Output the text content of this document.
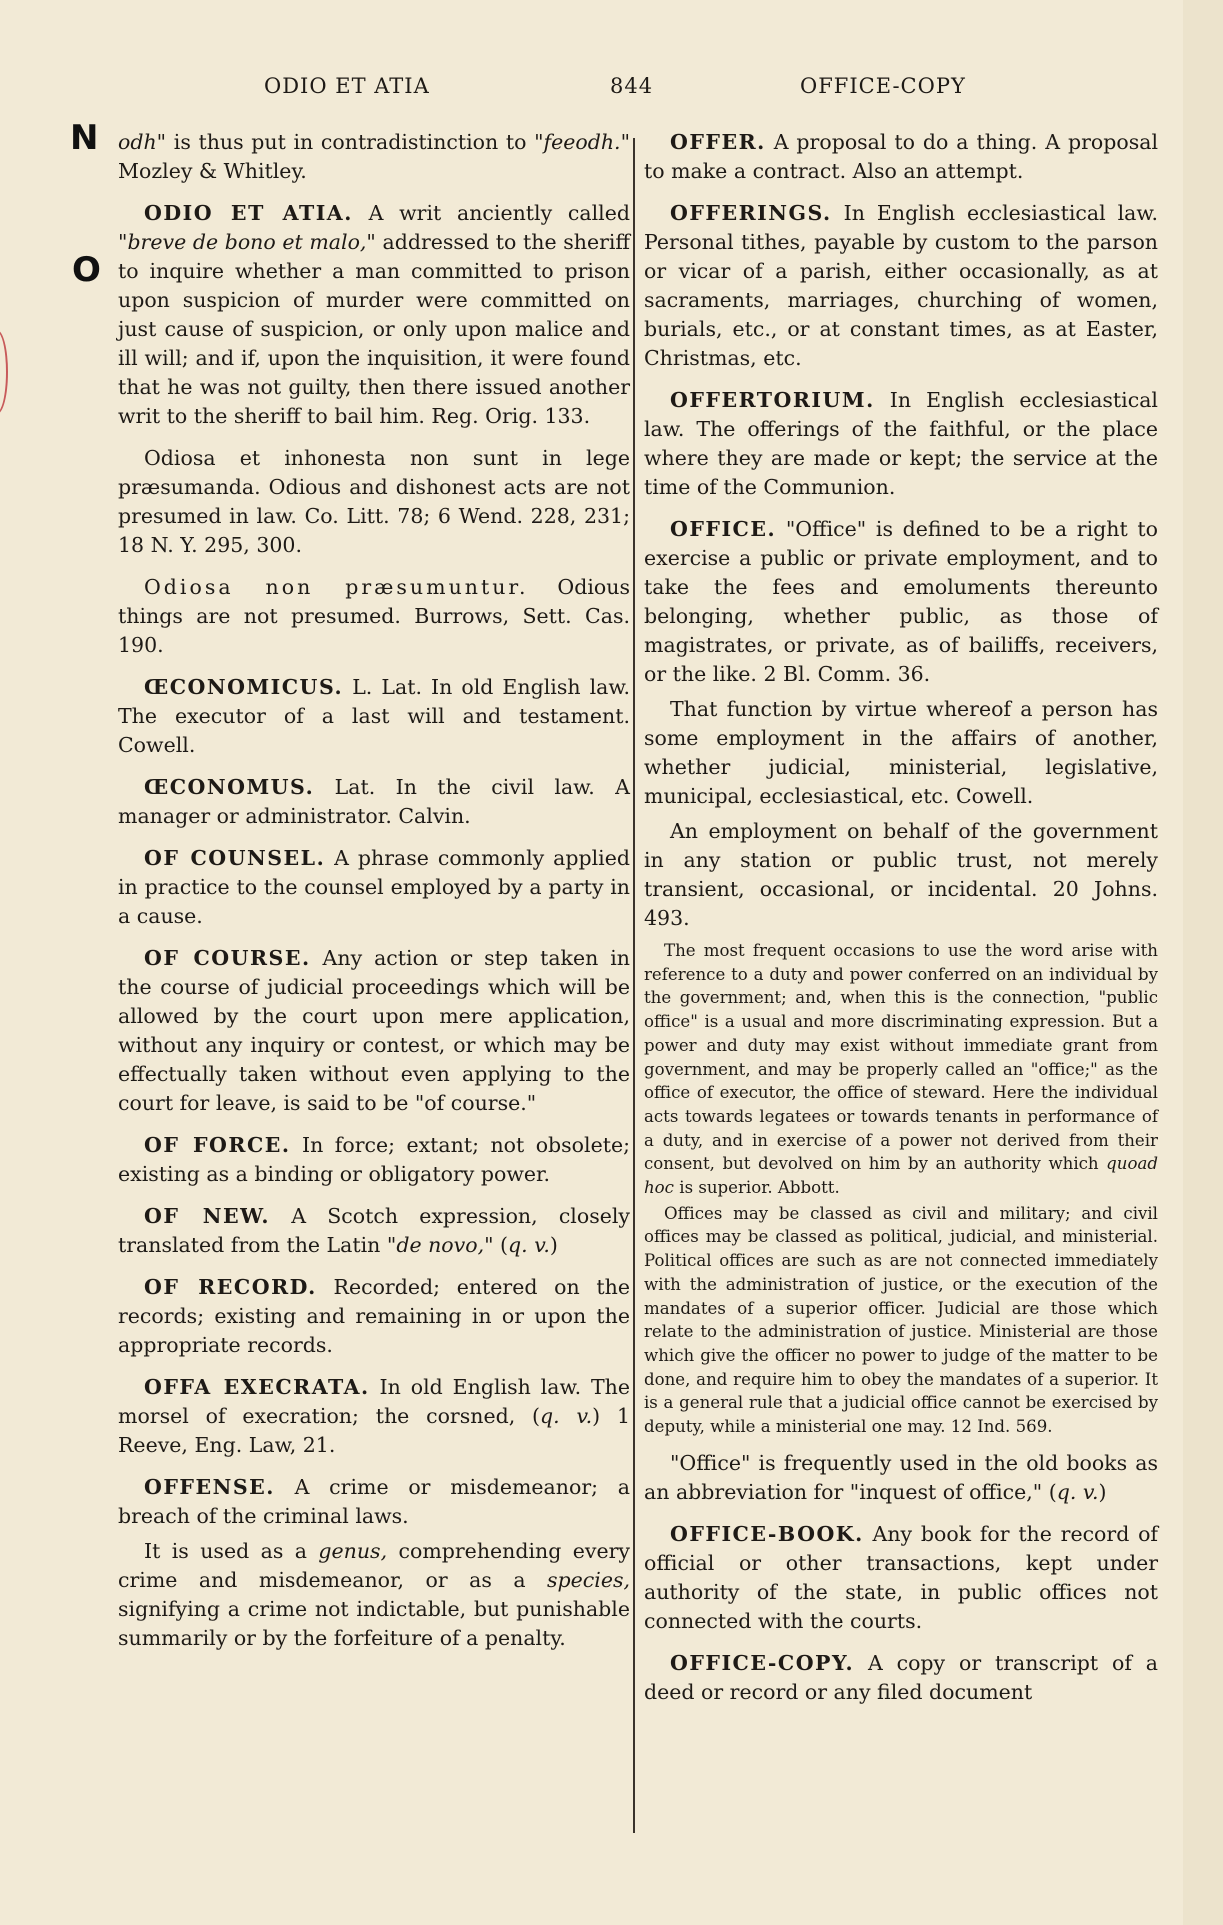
ODIO ET ATIA	844	OFFICE-COPY
N
O

odh" is thus put in contradistinction to "feeodh." Mozley & Whitley.

ODIO ET ATIA. A writ anciently called "breve de bono et malo," addressed to the sheriff to inquire whether a man committed to prison upon suspicion of murder were committed on just cause of suspicion, or only upon malice and ill will; and if, upon the inquisition, it were found that he was not guilty, then there issued another writ to the sheriff to bail him. Reg. Orig. 133.

Odiosa et inhonesta non sunt in lege præsumanda. Odious and dishonest acts are not presumed in law. Co. Litt. 78; 6 Wend. 228, 231; 18 N. Y. 295, 300.

Odiosa non præsumuntur. Odious things are not presumed. Burrows, Sett. Cas. 190.

ŒCONOMICUS. L. Lat. In old English law. The executor of a last will and testament. Cowell.

ŒCONOMUS. Lat. In the civil law. A manager or administrator. Calvin.

OF COUNSEL. A phrase commonly applied in practice to the counsel employed by a party in a cause.

OF COURSE. Any action or step taken in the course of judicial proceedings which will be allowed by the court upon mere application, without any inquiry or contest, or which may be effectually taken without even applying to the court for leave, is said to be "of course."

OF FORCE. In force; extant; not obsolete; existing as a binding or obligatory power.

OF NEW. A Scotch expression, closely translated from the Latin "de novo," (q. v.)

OF RECORD. Recorded; entered on the records; existing and remaining in or upon the appropriate records.

OFFA EXECRATA. In old English law. The morsel of execration; the corsned, (q. v.) 1 Reeve, Eng. Law, 21.

OFFENSE. A crime or misdemeanor; a breach of the criminal laws.

It is used as a genus, comprehending every crime and misdemeanor, or as a species, signifying a crime not indictable, but punishable summarily or by the forfeiture of a penalty.

OFFER. A proposal to do a thing. A proposal to make a contract. Also an attempt.

OFFERINGS. In English ecclesiastical law. Personal tithes, payable by custom to the parson or vicar of a parish, either occasionally, as at sacraments, marriages, churching of women, burials, etc., or at constant times, as at Easter, Christmas, etc.

OFFERTORIUM. In English ecclesiastical law. The offerings of the faithful, or the place where they are made or kept; the service at the time of the Communion.

OFFICE. "Office" is defined to be a right to exercise a public or private employment, and to take the fees and emoluments thereunto belonging, whether public, as those of magistrates, or private, as of bailiffs, receivers, or the like. 2 Bl. Comm. 36.

That function by virtue whereof a person has some employment in the affairs of another, whether judicial, ministerial, legislative, municipal, ecclesiastical, etc. Cowell.

An employment on behalf of the government in any station or public trust, not merely transient, occasional, or incidental. 20 Johns. 493.

The most frequent occasions to use the word arise with reference to a duty and power conferred on an individual by the government; and, when this is the connection, "public office" is a usual and more discriminating expression. But a power and duty may exist without immediate grant from government, and may be properly called an "office;" as the office of executor, the office of steward. Here the individual acts towards legatees or towards tenants in performance of a duty, and in exercise of a power not derived from their consent, but devolved on him by an authority which quoad hoc is superior. Abbott.

Offices may be classed as civil and military; and civil offices may be classed as political, judicial, and ministerial. Political offices are such as are not connected immediately with the administration of justice, or the execution of the mandates of a superior officer. Judicial are those which relate to the administration of justice. Ministerial are those which give the officer no power to judge of the matter to be done, and require him to obey the mandates of a superior. It is a general rule that a judicial office cannot be exercised by deputy, while a ministerial one may. 12 Ind. 569.

"Office" is frequently used in the old books as an abbreviation for "inquest of office," (q. v.)

OFFICE-BOOK. Any book for the record of official or other transactions, kept under authority of the state, in public offices not connected with the courts.

OFFICE-COPY. A copy or transcript of a deed or record or any filed document
